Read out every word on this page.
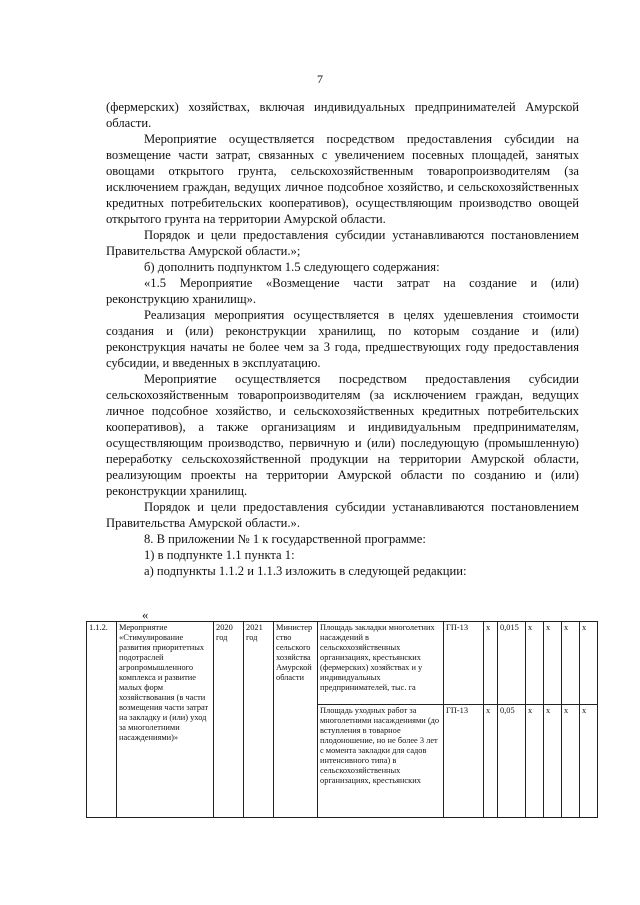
7

(фермерских) хозяйствах, включая индивидуальных предпринимателей Амурской области.

Мероприятие осуществляется посредством предоставления субсидии на возмещение части затрат, связанных с увеличением посевных площадей, занятых овощами открытого грунта, сельскохозяйственным товаропроизводителям (за исключением граждан, ведущих личное подсобное хозяйство, и сельскохозяйственных кредитных потребительских кооперативов), осуществляющим производство овощей открытого грунта на территории Амурской области.

Порядок и цели предоставления субсидии устанавливаются постановлением Правительства Амурской области.»;

б) дополнить подпунктом 1.5 следующего содержания:

«1.5 Мероприятие «Возмещение части затрат на создание и (или) реконструкцию хранилищ».

Реализация мероприятия осуществляется в целях удешевления стоимости создания и (или) реконструкции хранилищ, по которым создание и (или) реконструкция начаты не более чем за 3 года, предшествующих году предоставления субсидии, и введенных в эксплуатацию.

Мероприятие осуществляется посредством предоставления субсидии сельскохозяйственным товаропроизводителям (за исключением граждан, ведущих личное подсобное хозяйство, и сельскохозяйственных кредитных потребительских кооперативов), а также организациям и индивидуальным предпринимателям, осуществляющим производство, первичную и (или) последующую (промышленную) переработку сельскохозяйственной продукции на территории Амурской области, реализующим проекты на территории Амурской области по созданию и (или) реконструкции хранилищ.

Порядок и цели предоставления субсидии устанавливаются постановлением Правительства Амурской области.».

8. В приложении № 1 к государственной программе:

1) в подпункте 1.1 пункта 1:

а) подпункты 1.1.2 и 1.1.3 изложить в следующей редакции:

«
1.1.2.	Мероприятие «Стимулирование развития приоритетных подотраслей агропромышленного комплекса и развитие малых форм хозяйствования (в части возмещения части затрат на закладку и (или) уход за многолетними насаждениями)»	2020 год	2021 год	Министерство сельского хозяйства Амурской области	Площадь закладки многолетних насаждений в сельскохозяйственных организациях, крестьянских (фермерских) хозяйствах и у индивидуальных предпринимателей, тыс. га	ГП-13	х	0,015	х	х	х	х
					Площадь уходных работ за многолетними насаждениями (до вступления в товарное плодоношение, но не более 3 лет с момента закладки для садов интенсивного типа) в сельскохозяйственных организациях, крестьянских	ГП-13	х	0,05	х	х	х	х
